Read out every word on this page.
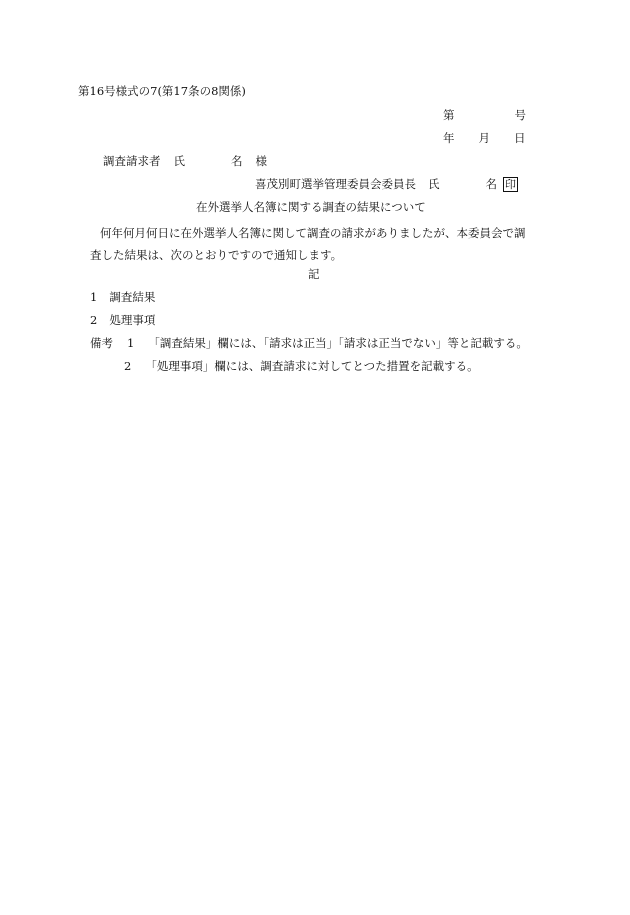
第16号様式の7(第17条の8関係)
第	号
年 月 日
調査請求者 氏	名 様
喜茂別町選挙管理委員会委員長 氏	名 印
在外選挙人名簿に関する調査の結果について
何年何月何日に在外選挙人名簿に関して調査の請求がありましたが、本委員会で調査した結果は、次のとおりですので通知します。
記
1 調査結果
2 処理事項
備考 1 「調査結果」欄には、「請求は正当」「請求は正当でない」等と記載する。
2 「処理事項」欄には、調査請求に対してとつた措置を記載する。
